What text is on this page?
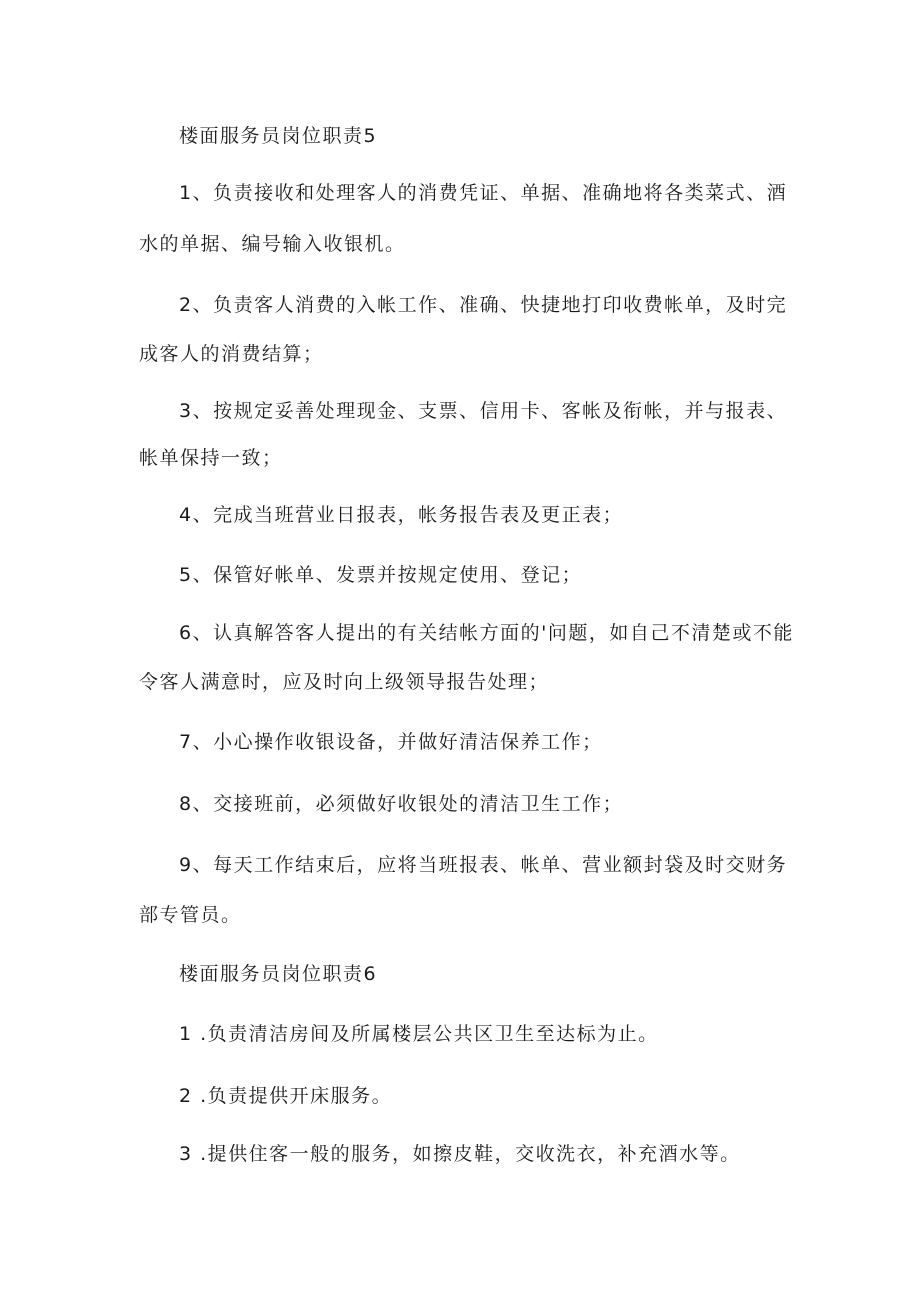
楼面服务员岗位职责5
1、负责接收和处理客人的消费凭证、单据、准确地将各类菜式、酒
水的单据、编号输入收银机。
2、负责客人消费的入帐工作、准确、快捷地打印收费帐单，及时完
成客人的消费结算；
3、按规定妥善处理现金、支票、信用卡、客帐及衔帐，并与报表、
帐单保持一致；
4、完成当班营业日报表，帐务报告表及更正表；
5、保管好帐单、发票并按规定使用、登记；
6、认真解答客人提出的有关结帐方面的'问题，如自己不清楚或不能
令客人满意时，应及时向上级领导报告处理；
7、小心操作收银设备，并做好清洁保养工作；
8、交接班前，必须做好收银处的清洁卫生工作；
9、每天工作结束后，应将当班报表、帐单、营业额封袋及时交财务
部专管员。
楼面服务员岗位职责6
1 .负责清洁房间及所属楼层公共区卫生至达标为止。
2 .负责提供开床服务。
3 .提供住客一般的服务，如擦皮鞋，交收洗衣，补充酒水等。
